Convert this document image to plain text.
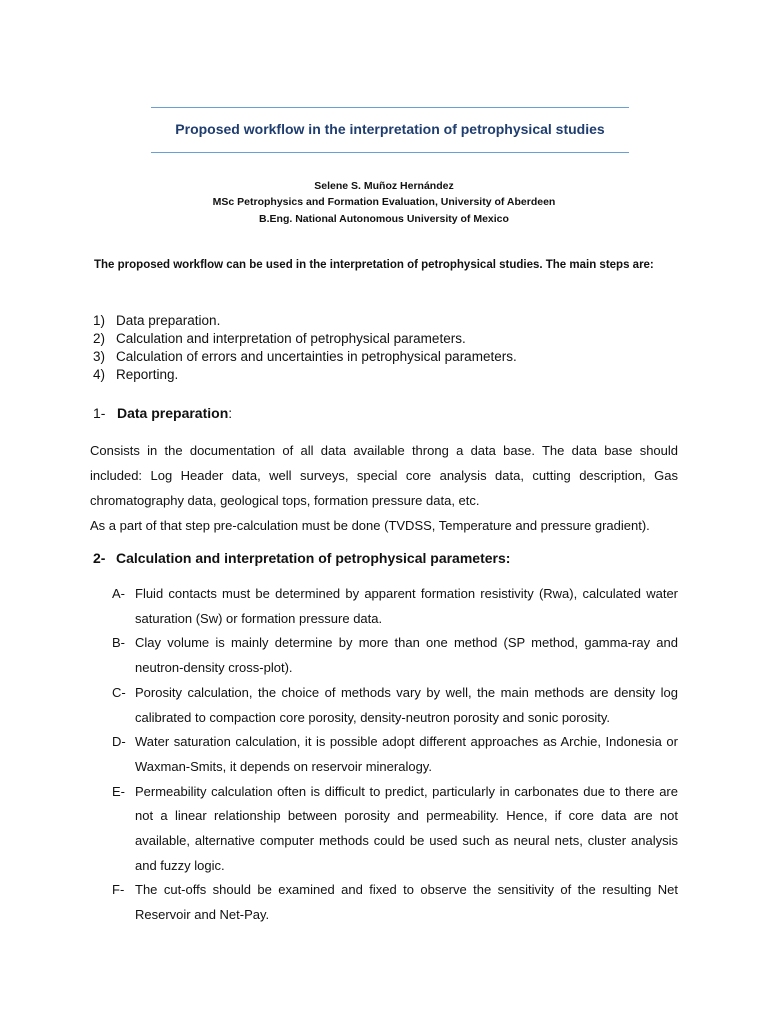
Proposed workflow in the interpretation of petrophysical studies
Selene S. Muñoz Hernández
MSc Petrophysics and Formation Evaluation, University of Aberdeen
B.Eng. National Autonomous University of Mexico
The proposed workflow can be used in the interpretation of petrophysical studies. The main steps are:
1) Data preparation.
2) Calculation and interpretation of petrophysical parameters.
3) Calculation of errors and uncertainties in petrophysical parameters.
4) Reporting.
1- Data preparation:

Consists in the documentation of all data available throng a data base. The data base should included: Log Header data, well surveys, special core analysis data, cutting description, Gas chromatography data, geological tops, formation pressure data, etc.

As a part of that step pre-calculation must be done (TVDSS, Temperature and pressure gradient).

2- Calculation and interpretation of petrophysical parameters:
A- Fluid contacts must be determined by apparent formation resistivity (Rwa), calculated water saturation (Sw) or formation pressure data.
B- Clay volume is mainly determine by more than one method (SP method, gamma-ray and neutron-density cross-plot).
C- Porosity calculation, the choice of methods vary by well, the main methods are density log calibrated to compaction core porosity, density-neutron porosity and sonic porosity.
D- Water saturation calculation, it is possible adopt different approaches as Archie, Indonesia or Waxman-Smits, it depends on reservoir mineralogy.
E- Permeability calculation often is difficult to predict, particularly in carbonates due to there are not a linear relationship between porosity and permeability. Hence, if core data are not available, alternative computer methods could be used such as neural nets, cluster analysis and fuzzy logic.
F- The cut-offs should be examined and fixed to observe the sensitivity of the resulting Net Reservoir and Net-Pay.
